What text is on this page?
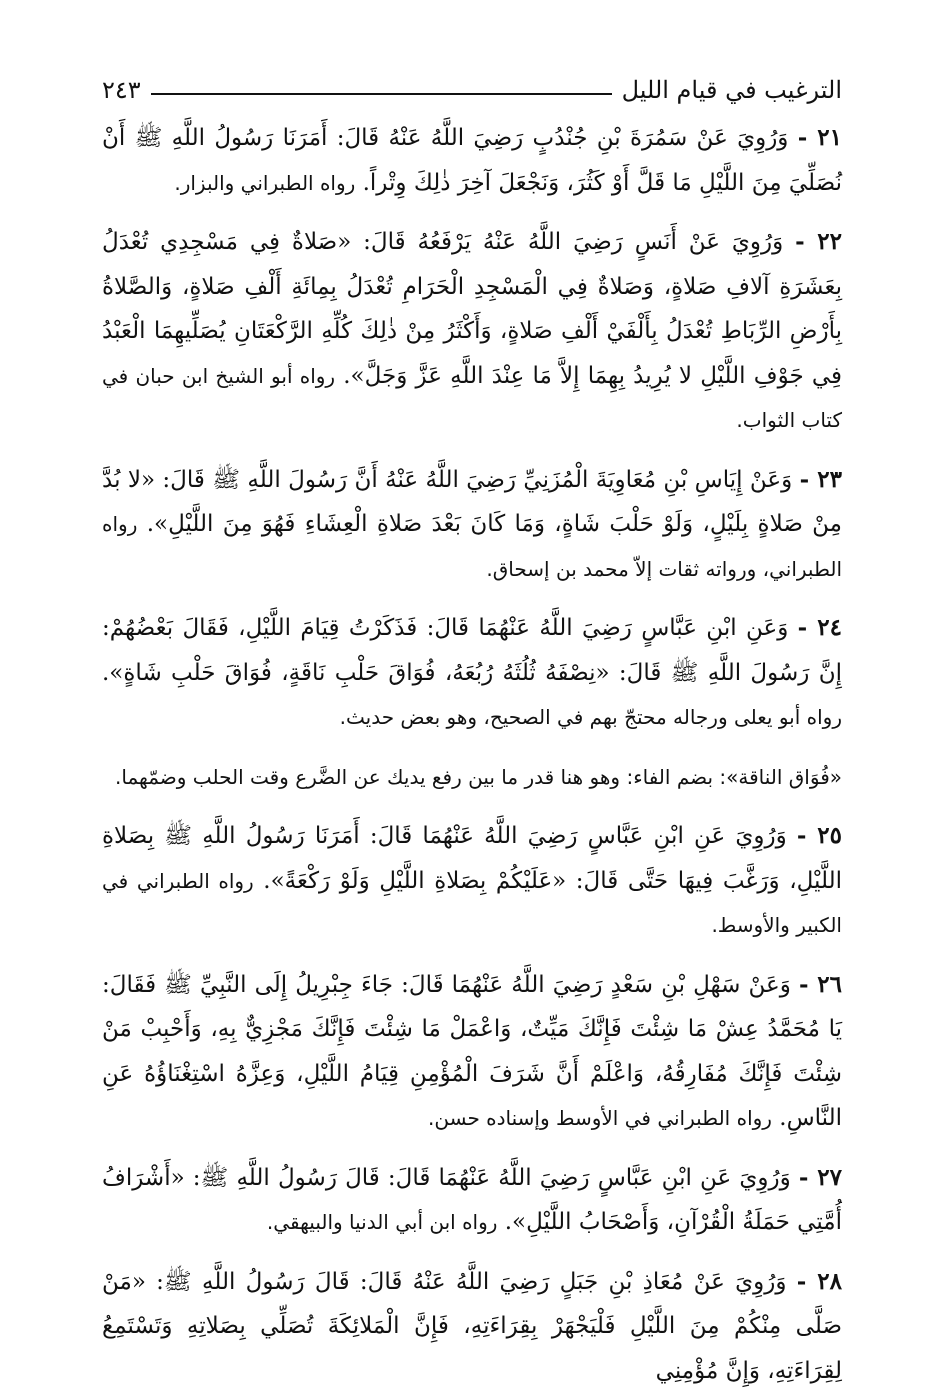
الترغيب في قيام الليل
٢٤٣

٢١ - وَرُوِيَ عَنْ سَمُرَةَ بْنِ جُنْدُبٍ رَضِيَ اللَّهُ عَنْهُ قَالَ: أَمَرَنَا رَسُولُ اللَّهِ ﷺ أَنْ نُصَلِّيَ مِنَ اللَّيْلِ مَا قَلَّ أَوْ كَثُرَ، وَنَجْعَلَ آخِرَ ذٰلِكَ وِتْراً. رواه الطبراني والبزار.

٢٢ - وَرُوِيَ عَنْ أَنَسٍ رَضِيَ اللَّهُ عَنْهُ يَرْفَعُهُ قَالَ: «صَلاةٌ فِي مَسْجِدِي تُعْدَلُ بِعَشَرَةِ آلافِ صَلاةٍ، وَصَلاةٌ فِي الْمَسْجِدِ الْحَرَامِ تُعْدَلُ بِمِائَةِ أَلْفِ صَلاةٍ، وَالصَّلاةُ بِأَرْضِ الرِّبَاطِ تُعْدَلُ بِأَلْفَيْ أَلْفِ صَلاةٍ، وَأَكْثَرُ مِنْ ذٰلِكَ كُلِّهِ الرَّكْعَتَانِ يُصَلِّيهِمَا الْعَبْدُ فِي جَوْفِ اللَّيْلِ لا يُرِيدُ بِهِمَا إِلاَّ مَا عِنْدَ اللَّهِ عَزَّ وَجَلَّ». رواه أبو الشيخ ابن حبان في كتاب الثواب.

٢٣ - وَعَنْ إِيَاسِ بْنِ مُعَاوِيَةَ الْمُزَنِيِّ رَضِيَ اللَّهُ عَنْهُ أَنَّ رَسُولَ اللَّهِ ﷺ قَالَ: «لا بُدَّ مِنْ صَلاةٍ بِلَيْلٍ، وَلَوْ حَلْبَ شَاةٍ، وَمَا كَانَ بَعْدَ صَلاةِ الْعِشَاءِ فَهُوَ مِنَ اللَّيْلِ». رواه الطبراني، ورواته ثقات إلاّ محمد بن إسحاق.

٢٤ - وَعَنِ ابْنِ عَبَّاسٍ رَضِيَ اللَّهُ عَنْهُمَا قَالَ: فَذَكَرْتُ قِيَامَ اللَّيْلِ، فَقَالَ بَعْضُهُمْ: إِنَّ رَسُولَ اللَّهِ ﷺ قَالَ: «نِصْفَهُ ثُلُثَهُ رُبُعَهُ، فُوَاقَ حَلْبِ نَاقَةٍ، فُوَاقَ حَلْبِ شَاةٍ». رواه أبو يعلى ورجاله محتجّ بهم في الصحيح، وهو بعض حديث.

«فُوَاق الناقة»: بضم الفاء: وهو هنا قدر ما بين رفع يديك عن الضَّرع وقت الحلب وضمّهما.

٢٥ - وَرُوِيَ عَنِ ابْنِ عَبَّاسٍ رَضِيَ اللَّهُ عَنْهُمَا قَالَ: أَمَرَنَا رَسُولُ اللَّهِ ﷺ بِصَلاةِ اللَّيْلِ، وَرَغَّبَ فِيهَا حَتَّى قَالَ: «عَلَيْكُمْ بِصَلاةِ اللَّيْلِ وَلَوْ رَكْعَةً». رواه الطبراني في الكبير والأوسط.

٢٦ - وَعَنْ سَهْلِ بْنِ سَعْدٍ رَضِيَ اللَّهُ عَنْهُمَا قَالَ: جَاءَ جِبْرِيلُ إِلَى النَّبِيِّ ﷺ فَقَالَ: يَا مُحَمَّدُ عِشْ مَا شِئْتَ فَإِنَّكَ مَيِّتٌ، وَاعْمَلْ مَا شِئْتَ فَإِنَّكَ مَجْزِيٌّ بِهِ، وَأَحْبِبْ مَنْ شِئْتَ فَإِنَّكَ مُفَارِقُهُ، وَاعْلَمْ أَنَّ شَرَفَ الْمُؤْمِنِ قِيَامُ اللَّيْلِ، وَعِزَّهُ اسْتِغْنَاؤُهُ عَنِ النَّاسِ. رواه الطبراني في الأوسط وإسناده حسن.

٢٧ - وَرُوِيَ عَنِ ابْنِ عَبَّاسٍ رَضِيَ اللَّهُ عَنْهُمَا قَالَ: قَالَ رَسُولُ اللَّهِ ﷺ: «أَشْرَافُ أُمَّتِي حَمَلَةُ الْقُرْآنِ، وَأَصْحَابُ اللَّيْلِ». رواه ابن أبي الدنيا والبيهقي.

٢٨ - وَرُوِيَ عَنْ مُعَاذِ بْنِ جَبَلٍ رَضِيَ اللَّهُ عَنْهُ قَالَ: قَالَ رَسُولُ اللَّهِ ﷺ: «مَنْ صَلَّى مِنْكُمْ مِنَ اللَّيْلِ فَلْيَجْهَرْ بِقِرَاءَتِهِ، فَإِنَّ الْمَلائِكَةَ تُصَلِّي بِصَلاتِهِ وَتَسْتَمِعُ لِقِرَاءَتِهِ، وَإِنَّ مُؤْمِنِي
